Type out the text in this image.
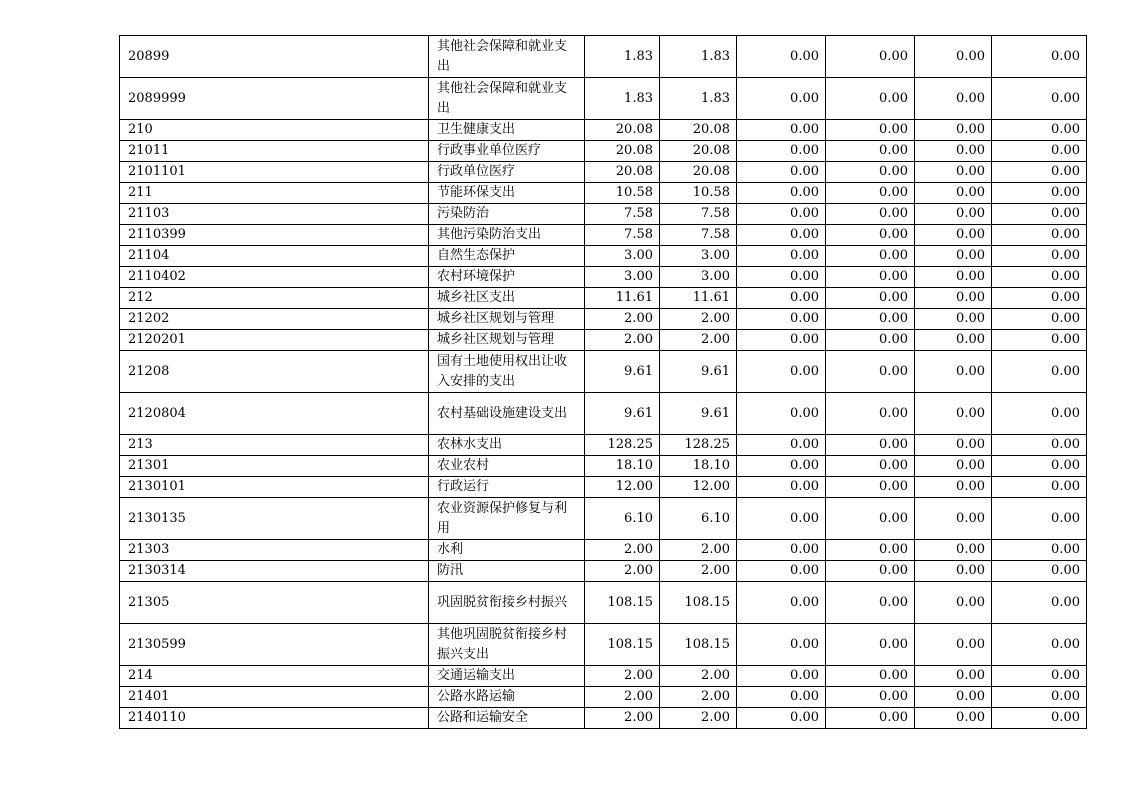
20899	其他社会保障和就业支出	1.83	1.83	0.00	0.00	0.00	0.00
2089999	其他社会保障和就业支出	1.83	1.83	0.00	0.00	0.00	0.00
210	卫生健康支出	20.08	20.08	0.00	0.00	0.00	0.00
21011	行政事业单位医疗	20.08	20.08	0.00	0.00	0.00	0.00
2101101	行政单位医疗	20.08	20.08	0.00	0.00	0.00	0.00
211	节能环保支出	10.58	10.58	0.00	0.00	0.00	0.00
21103	污染防治	7.58	7.58	0.00	0.00	0.00	0.00
2110399	其他污染防治支出	7.58	7.58	0.00	0.00	0.00	0.00
21104	自然生态保护	3.00	3.00	0.00	0.00	0.00	0.00
2110402	农村环境保护	3.00	3.00	0.00	0.00	0.00	0.00
212	城乡社区支出	11.61	11.61	0.00	0.00	0.00	0.00
21202	城乡社区规划与管理	2.00	2.00	0.00	0.00	0.00	0.00
2120201	城乡社区规划与管理	2.00	2.00	0.00	0.00	0.00	0.00
21208	国有土地使用权出让收入安排的支出	9.61	9.61	0.00	0.00	0.00	0.00
2120804	农村基础设施建设支出	9.61	9.61	0.00	0.00	0.00	0.00
213	农林水支出	128.25	128.25	0.00	0.00	0.00	0.00
21301	农业农村	18.10	18.10	0.00	0.00	0.00	0.00
2130101	行政运行	12.00	12.00	0.00	0.00	0.00	0.00
2130135	农业资源保护修复与利用	6.10	6.10	0.00	0.00	0.00	0.00
21303	水利	2.00	2.00	0.00	0.00	0.00	0.00
2130314	防汛	2.00	2.00	0.00	0.00	0.00	0.00
21305	巩固脱贫衔接乡村振兴	108.15	108.15	0.00	0.00	0.00	0.00
2130599	其他巩固脱贫衔接乡村振兴支出	108.15	108.15	0.00	0.00	0.00	0.00
214	交通运输支出	2.00	2.00	0.00	0.00	0.00	0.00
21401	公路水路运输	2.00	2.00	0.00	0.00	0.00	0.00
2140110	公路和运输安全	2.00	2.00	0.00	0.00	0.00	0.00
